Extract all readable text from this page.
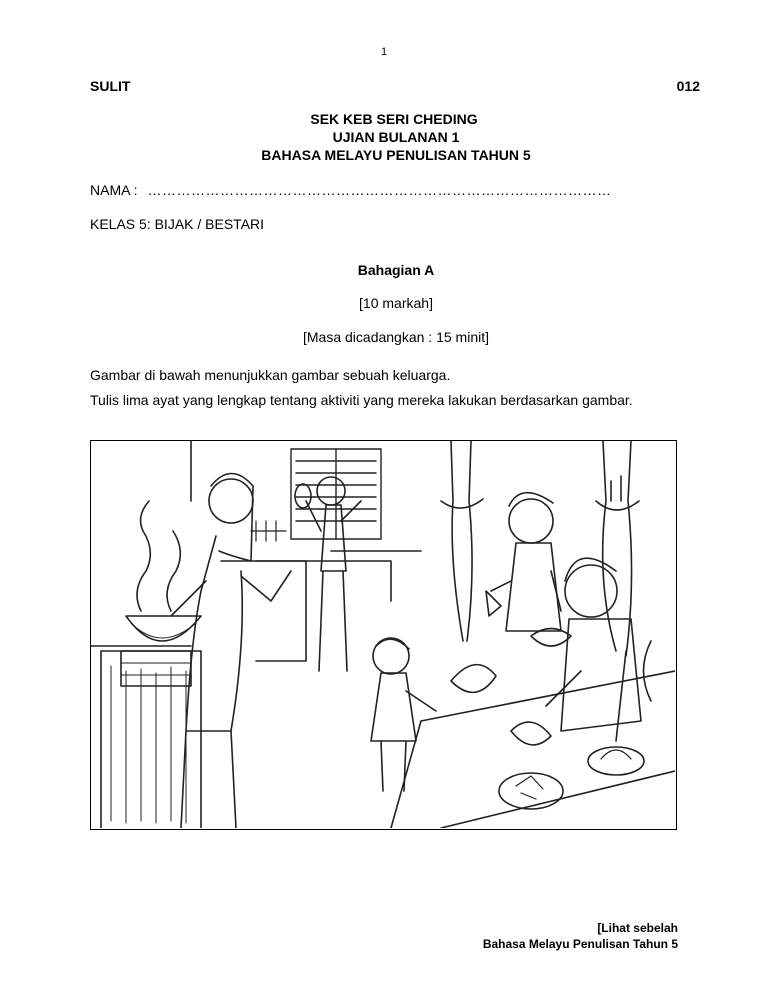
1
SULIT	012
SEK KEB SERI CHEDING
UJIAN BULANAN 1
BAHASA MELAYU PENULISAN TAHUN 5
NAMA : ……………………………………………………………………………………
KELAS 5: BIJAK / BESTARI
Bahagian A
[10 markah]
[Masa dicadangkan : 15 minit]
Gambar di bawah menunjukkan gambar sebuah keluarga.
Tulis lima ayat yang lengkap tentang aktiviti yang mereka lakukan berdasarkan gambar.
[Lihat sebelah
Bahasa Melayu Penulisan Tahun 5
